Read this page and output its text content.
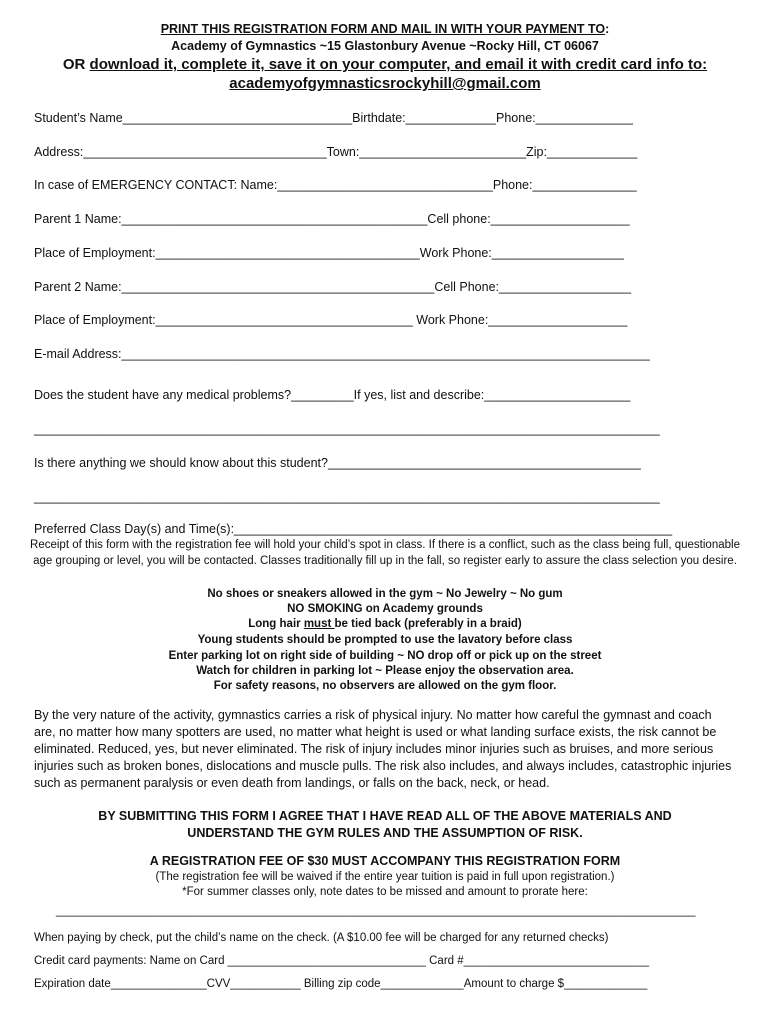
PRINT THIS REGISTRATION FORM AND MAIL IN WITH YOUR PAYMENT TO:
Academy of Gymnastics ~15 Glastonbury Avenue ~Rocky Hill, CT 06067
OR download it, complete it, save it on your computer, and email it with credit card info to:
academyofgymnasticsrockyhill@gmail.com
Student’s Name_________________________________Birthdate:_____________Phone:______________
Address:___________________________________Town:________________________Zip:_____________
In case of EMERGENCY CONTACT: Name:_______________________________Phone:_______________
Parent 1 Name:____________________________________________Cell phone:____________________
Place of Employment:______________________________________Work Phone:___________________
Parent 2 Name:_____________________________________________Cell Phone:___________________
Place of Employment:_____________________________________ Work Phone:____________________
E-mail Address:____________________________________________________________________________
Does the student have any medical problems?_________If yes, list and describe:_____________________
__________________________________________________________________________________________
Is there anything we should know about this student?_____________________________________________
__________________________________________________________________________________________
Preferred Class Day(s) and Time(s):_______________________________________________________________
Receipt of this form with the registration fee will hold your child’s spot in class. If there is a conflict, such as the class being full, questionable age grouping or level, you will be contacted. Classes traditionally fill up in the fall, so register early to assure the class selection you desire.
No shoes or sneakers allowed in the gym ~ No Jewelry ~ No gum
NO SMOKING on Academy grounds
Long hair must be tied back (preferably in a braid)
Young students should be prompted to use the lavatory before class
Enter parking lot on right side of building ~ NO drop off or pick up on the street
Watch for children in parking lot ~ Please enjoy the observation area.
For safety reasons, no observers are allowed on the gym floor.
By the very nature of the activity, gymnastics carries a risk of physical injury. No matter how careful the gymnast and coach are, no matter how many spotters are used, no matter what height is used or what landing surface exists, the risk cannot be eliminated. Reduced, yes, but never eliminated. The risk of injury includes minor injuries such as bruises, and more serious injuries such as broken bones, dislocations and muscle pulls. The risk also includes, and always includes, catastrophic injuries such as permanent paralysis or even death from landings, or falls on the back, neck, or head.
BY SUBMITTING THIS FORM I AGREE THAT I HAVE READ ALL OF THE ABOVE MATERIALS AND
UNDERSTAND THE GYM RULES AND THE ASSUMPTION OF RISK.
A REGISTRATION FEE OF $30 MUST ACCOMPANY THIS REGISTRATION FORM
(The registration fee will be waived if the entire year tuition is paid in full upon registration.)
*For summer classes only, note dates to be missed and amount to prorate here:
____________________________________________________________________________________________________
When paying by check, put the child’s name on the check. (A $10.00 fee will be charged for any returned checks)
Credit card payments: Name on Card _______________________________ Card #_____________________________
Expiration date_______________CVV___________ Billing zip code_____________Amount to charge $_____________
